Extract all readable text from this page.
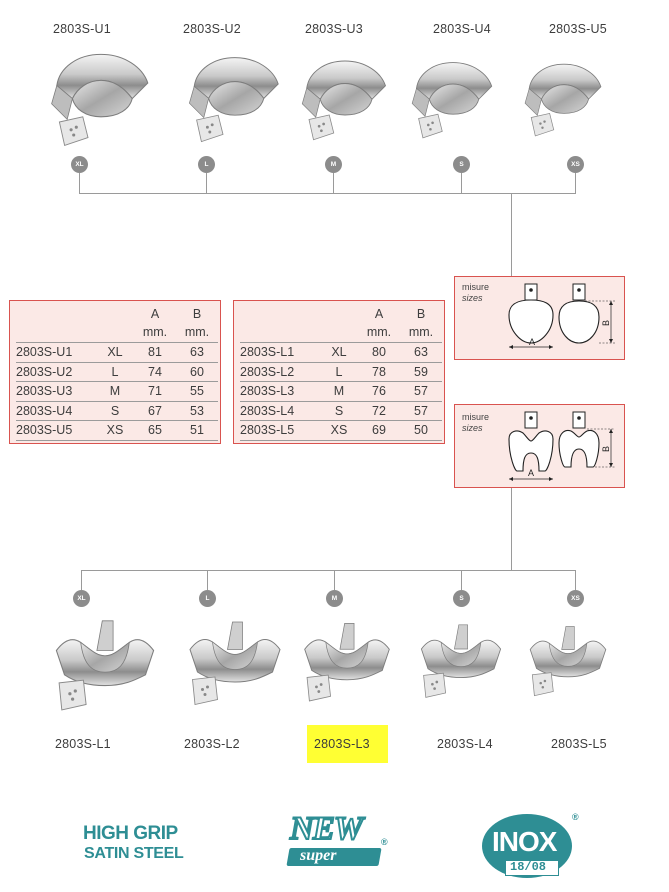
2803S-U1	2803S-U2	2803S-U3	2803S-U4	2803S-U5
XL	L	M	S	XS
misure
sizes
A
B
		A	B
		mm.	mm.
2803S-U1	XL	81	63
2803S-U2	L	74	60
2803S-U3	M	71	55
2803S-U4	S	67	53
2803S-U5	XS	65	51
		A	B
		mm.	mm.
2803S-L1	XL	80	63
2803S-L2	L	78	59
2803S-L3	M	76	57
2803S-L4	S	72	57
2803S-L5	XS	69	50
misure
sizes
A
B
XL	L	M	S	XS
2803S-L1	2803S-L2	2803S-L3	2803S-L4	2803S-L5
HIGH GRIP
SATIN STEEL
NEW ®
super	INOX
®
18/08
